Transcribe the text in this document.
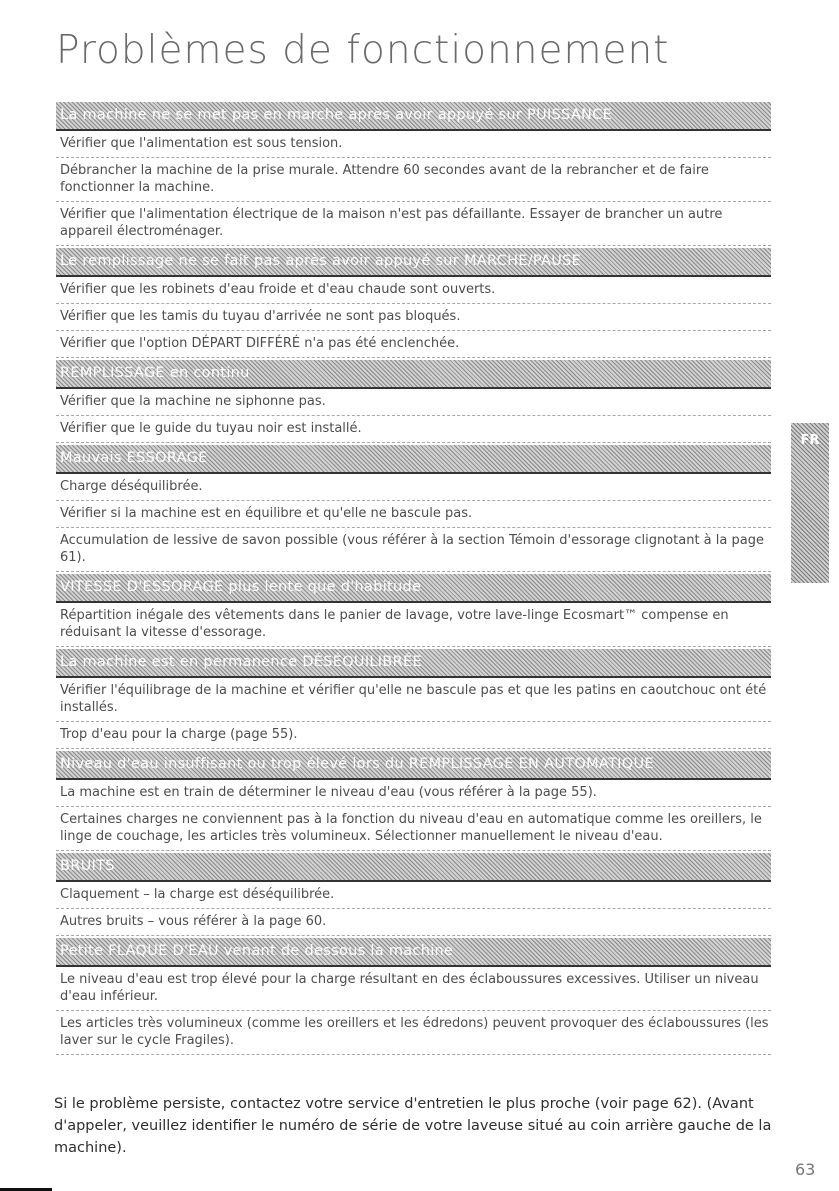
Problèmes de fonctionnement
La machine ne se met pas en marche après avoir appuyé sur PUISSANCE
Vérifier que l'alimentation est sous tension.
Débrancher la machine de la prise murale. Attendre 60 secondes avant de la rebrancher et de faire fonctionner la machine.
Vérifier que l'alimentation électrique de la maison n'est pas défaillante. Essayer de brancher un autre appareil électroménager.
Le remplissage ne se fait pas après avoir appuyé sur MARCHE/PAUSE
Vérifier que les robinets d'eau froide et d'eau chaude sont ouverts.
Vérifier que les tamis du tuyau d'arrivée ne sont pas bloqués.
Vérifier que l'option DÉPART DIFFÉRÉ n'a pas été enclenchée.
REMPLISSAGE en continu
Vérifier que la machine ne siphonne pas.
Vérifier que le guide du tuyau noir est installé.
Mauvais ESSORAGE
Charge déséquilibrée.
Vérifier si la machine est en équilibre et qu'elle ne bascule pas.
Accumulation de lessive de savon possible (vous référer à la section Témoin d'essorage clignotant à la page 61).
VITESSE D'ESSORAGE plus lente que d'habitude
Répartition inégale des vêtements dans le panier de lavage, votre lave-linge Ecosmart™ compense en réduisant la vitesse d'essorage.
La machine est en permanence DÉSÉQUILIBRÉE
Vérifier l'équilibrage de la machine et vérifier qu'elle ne bascule pas et que les patins en caoutchouc ont été installés.
Trop d'eau pour la charge (page 55).
Niveau d'eau insuffisant ou trop élevé lors du REMPLISSAGE EN AUTOMATIQUE
La machine est en train de déterminer le niveau d'eau (vous référer à la page 55).
Certaines charges ne conviennent pas à la fonction du niveau d'eau en automatique comme les oreillers, le linge de couchage, les articles très volumineux. Sélectionner manuellement le niveau d'eau.
BRUITS
Claquement – la charge est déséquilibrée.
Autres bruits – vous référer à la page 60.
Petite FLAQUE D'EAU venant de dessous la machine
Le niveau d'eau est trop élevé pour la charge résultant en des éclaboussures excessives. Utiliser un niveau d'eau inférieur.
Les articles très volumineux (comme les oreillers et les édredons) peuvent provoquer des éclaboussures (les laver sur le cycle Fragiles).
FR
Si le problème persiste, contactez votre service d'entretien le plus proche (voir page 62). (Avant d'appeler, veuillez identifier le numéro de série de votre laveuse situé au coin arrière gauche de la machine).
63
